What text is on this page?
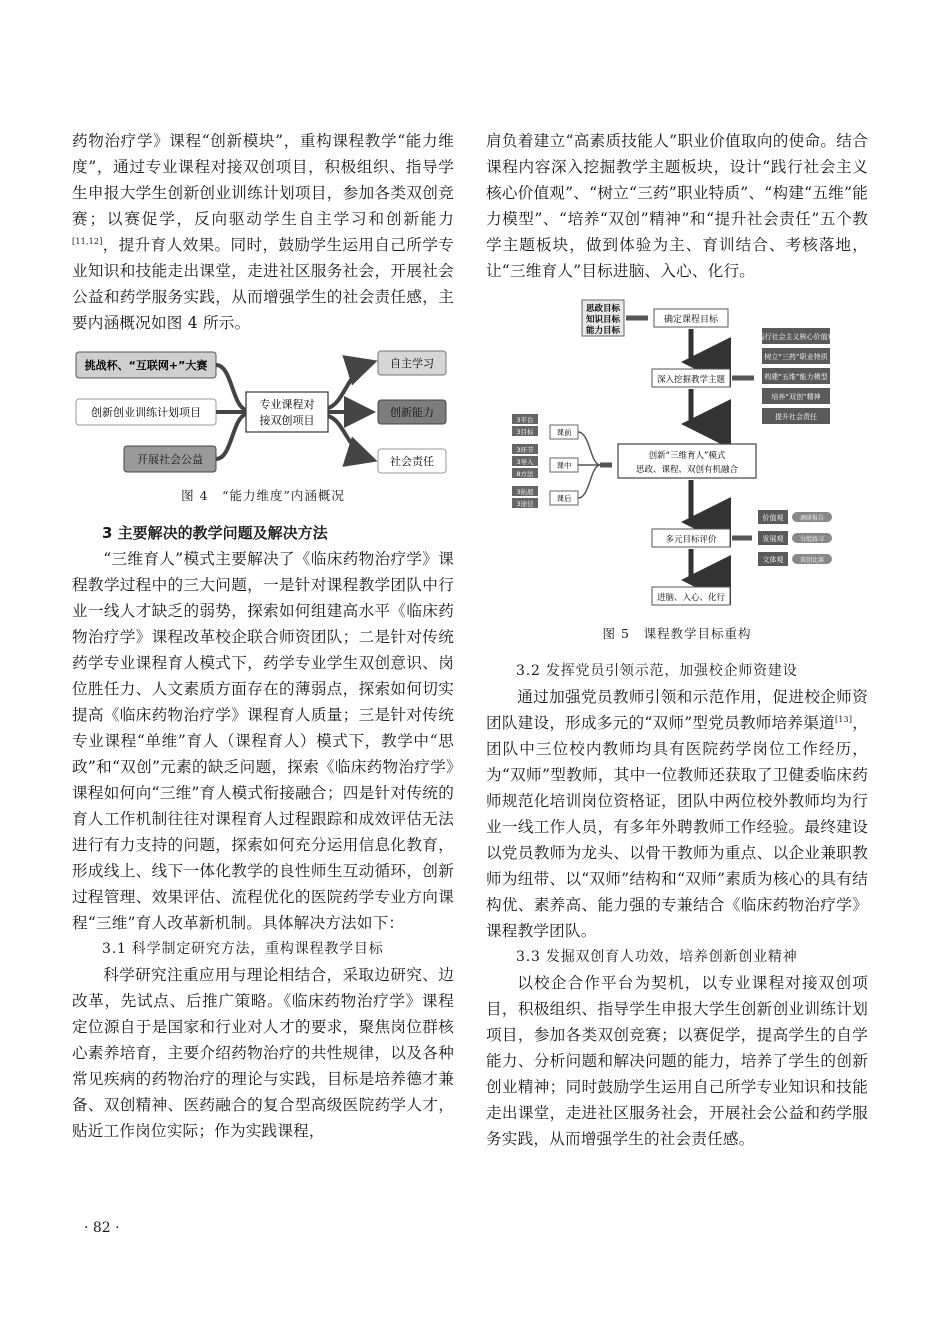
药物治疗学》课程“创新模块”，重构课程教学“能力维度”，通过专业课程对接双创项目，积极组织、指导学生申报大学生创新创业训练计划项目，参加各类双创竞赛；以赛促学，反向驱动学生自主学习和创新能力[11,12]，提升育人效果。同时，鼓励学生运用自己所学专业知识和技能走出课堂，走进社区服务社会，开展社会公益和药学服务实践，从而增强学生的社会责任感，主要内涵概况如图 4 所示。

挑战杯、“互联网+”大赛
创新创业训练计划项目
开展社会公益
专业课程对
接双创项目
自主学习
创新能力
社会责任
图 4　“能力维度”内涵概况

3 主要解决的教学问题及解决方法

“三维育人”模式主要解决了《临床药物治疗学》课程教学过程中的三大问题，一是针对课程教学团队中行业一线人才缺乏的弱势，探索如何组建高水平《临床药物治疗学》课程改革校企联合师资团队；二是针对传统药学专业课程育人模式下，药学专业学生双创意识、岗位胜任力、人文素质方面存在的薄弱点，探索如何切实提高《临床药物治疗学》课程育人质量；三是针对传统专业课程“单维”育人（课程育人）模式下，教学中“思政”和“双创”元素的缺乏问题，探索《临床药物治疗学》课程如何向“三维”育人模式衔接融合；四是针对传统的育人工作机制往往对课程育人过程跟踪和成效评估无法进行有力支持的问题，探索如何充分运用信息化教育，形成线上、线下一体化教学的良性师生互动循环，创新过程管理、效果评估、流程优化的医院药学专业方向课程“三维”育人改革新机制。具体解决方法如下：

3.1 科学制定研究方法，重构课程教学目标

科学研究注重应用与理论相结合，采取边研究、边改革，先试点、后推广策略。《临床药物治疗学》课程定位源自于是国家和行业对人才的要求，聚焦岗位群核心素养培育，主要介绍药物治疗的共性规律，以及各种常见疾病的药物治疗的理论与实践，目标是培养德才兼备、双创精神、医药融合的复合型高级医院药学人才，贴近工作岗位实际；作为实践课程，

肩负着建立“高素质技能人”职业价值取向的使命。结合课程内容深入挖掘教学主题板块，设计“践行社会主义核心价值观”、“树立“三药”职业特质”、“构建“五维”能力模型”、“培养“双创”精神”和“提升社会责任”五个教学主题板块，做到体验为主、育训结合、考核落地，让“三维育人”目标进脑、入心、化行。

思政目标
知识目标
能力目标
确定课程目标
深入挖掘教学主题
践行社会主义核心价值观
树立“三药”职业特质
构建“五维”能力模型
培养“双创”精神
提升社会责任
3平台
3目标
3环节
3导入
8方法
3拓展
3途径
课前
课中
课后
创新“三维育人”模式
思政、课程、双创有机融合
多元目标评价
价值观	调研报告
发展观	分组练习
文体观	双创比赛
进脑、入心、化行
图 5　课程教学目标重构

3.2 发挥党员引领示范，加强校企师资建设

通过加强党员教师引领和示范作用，促进校企师资团队建设，形成多元的“双师”型党员教师培养渠道[13]，团队中三位校内教师均具有医院药学岗位工作经历，为“双师”型教师，其中一位教师还获取了卫健委临床药师规范化培训岗位资格证，团队中两位校外教师均为行业一线工作人员，有多年外聘教师工作经验。最终建设以党员教师为龙头、以骨干教师为重点、以企业兼职教师为纽带、以“双师”结构和“双师”素质为核心的具有结构优、素养高、能力强的专兼结合《临床药物治疗学》课程教学团队。

3.3 发掘双创育人功效，培养创新创业精神

以校企合作平台为契机，以专业课程对接双创项目，积极组织、指导学生申报大学生创新创业训练计划项目，参加各类双创竞赛；以赛促学，提高学生的自学能力、分析问题和解决问题的能力，培养了学生的创新创业精神；同时鼓励学生运用自己所学专业知识和技能走出课堂，走进社区服务社会，开展社会公益和药学服务实践，从而增强学生的社会责任感。

· 82 ·
